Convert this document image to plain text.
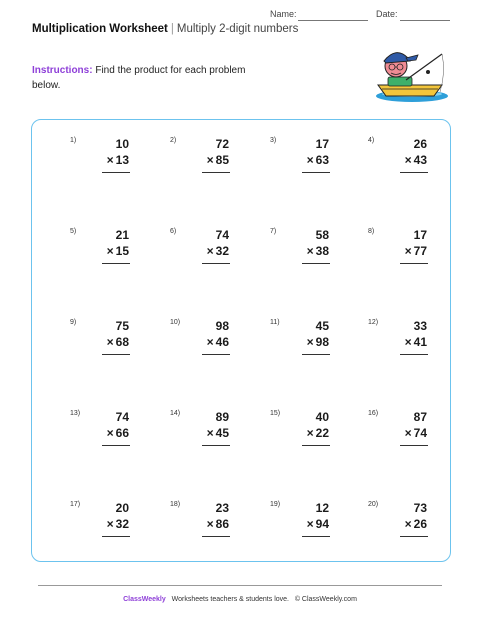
Name:	Date:
Multiplication Worksheet | Multiply 2-digit numbers
Instructions: Find the product for each problem below.
1)	10
× 13
2)	72
× 85
3)	17
× 63
4)	26
× 43
5)	21
× 15
6)	74
× 32
7)	58
× 38
8)	17
× 77
9)	75
× 68
10)	98
× 46
11)	45
× 98
12)	33
× 41
13)	74
× 66
14)	89
× 45
15)	40
× 22
16)	87
× 74
17)	20
× 32
18)	23
× 86
19)	12
× 94
20)	73
× 26
ClassWeekly Worksheets teachers & students love. © ClassWeekly.com
